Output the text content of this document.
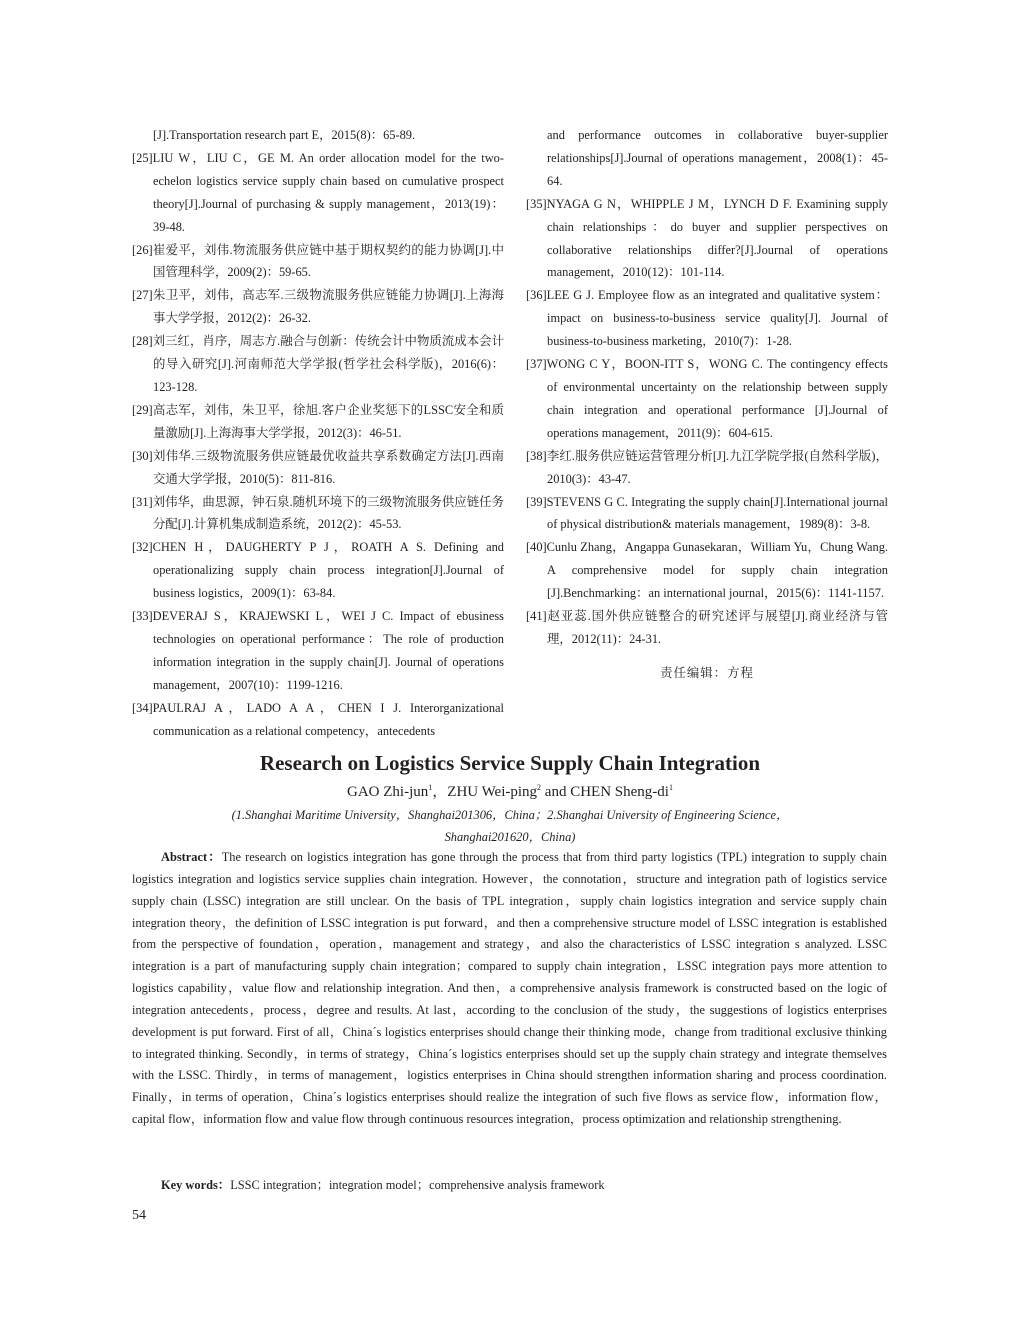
[J].Transportation research part E，2015(8)：65-89.
[25]LIU W，LIU C，GE M. An order allocation model for the two-echelon logistics service supply chain based on cumulative prospect theory[J].Journal of purchasing & supply management，2013(19)：39-48.
[26]崔爱平，刘伟.物流服务供应链中基于期权契约的能力协调[J].中国管理科学，2009(2)：59-65.
[27]朱卫平，刘伟，高志军.三级物流服务供应链能力协调[J].上海海事大学学报，2012(2)：26-32.
[28]刘三红，肖序，周志方.融合与创新：传统会计中物质流成本会计的导入研究[J].河南师范大学学报(哲学社会科学版)，2016(6)：123-128.
[29]高志军，刘伟，朱卫平，徐旭.客户企业奖惩下的LSSC安全和质量激励[J].上海海事大学学报，2012(3)：46-51.
[30]刘伟华.三级物流服务供应链最优收益共享系数确定方法[J].西南交通大学学报，2010(5)：811-816.
[31]刘伟华，曲思源，钟石泉.随机环境下的三级物流服务供应链任务分配[J].计算机集成制造系统，2012(2)：45-53.
[32]CHEN H，DAUGHERTY P J，ROATH A S. Defining and operationalizing supply chain process integration[J].Journal of business logistics，2009(1)：63-84.
[33]DEVERAJ S，KRAJEWSKI L，WEI J C. Impact of ebusiness technologies on operational performance：The role of production information integration in the supply chain[J]. Journal of operations management，2007(10)：1199-1216.
[34]PAULRAJ A，LADO A A，CHEN I J. Interorganizational communication as a relational competency，antecedents
and performance outcomes in collaborative buyer-supplier relationships[J].Journal of operations management，2008(1)：45-64.
[35]NYAGA G N，WHIPPLE J M，LYNCH D F. Examining supply chain relationships：do buyer and supplier perspectives on collaborative relationships differ?[J].Journal of operations management，2010(12)：101-114.
[36]LEE G J. Employee flow as an integrated and qualitative system：impact on business-to-business service quality[J]. Journal of business-to-business marketing，2010(7)：1-28.
[37]WONG C Y，BOON-ITT S，WONG C. The contingency effects of environmental uncertainty on the relationship between supply chain integration and operational performance [J].Journal of operations management，2011(9)：604-615.
[38]李红.服务供应链运营管理分析[J].九江学院学报(自然科学版)，2010(3)：43-47.
[39]STEVENS G C. Integrating the supply chain[J].International journal of physical distribution& materials management，1989(8)：3-8.
[40]Cunlu Zhang，Angappa Gunasekaran，William Yu，Chung Wang. A comprehensive model for supply chain integration [J].Benchmarking：an international journal，2015(6)：1141-1157.
[41]赵亚蕊.国外供应链整合的研究述评与展望[J].商业经济与管理，2012(11)：24-31.
责任编辑：方程
Research on Logistics Service Supply Chain Integration
GAO Zhi-jun$^1$，ZHU Wei-ping$^2$ and CHEN Sheng-$di^1$
(1.Shanghai Maritime University，Shanghai201306，China；2.Shanghai University of Engineering Science，
Shanghai201620，China)

Abstract：The research on logistics integration has gone through the process that from third party logistics (TPL) integration to supply chain logistics integration and logistics service supplies chain integration. However，the connotation，structure and integration path of logistics service supply chain (LSSC) integration are still unclear. On the basis of TPL integration，supply chain logistics integration and service supply chain integration theory，the definition of LSSC integration is put forward，and then a comprehensive structure model of LSSC integration is established from the perspective of foundation，operation，management and strategy，and also the characteristics of LSSC integration s analyzed. LSSC integration is a part of manufacturing supply chain integration；compared to supply chain integration，LSSC integration pays more attention to logistics capability，value flow and relationship integration. And then，a comprehensive analysis framework is constructed based on the logic of integration antecedents，process，degree and results. At last，according to the conclusion of the study，the suggestions of logistics enterprises development is put forward. First of all，China´s logistics enterprises should change their thinking mode，change from traditional exclusive thinking to integrated thinking. Secondly，in terms of strategy，China´s logistics enterprises should set up the supply chain strategy and integrate themselves with the LSSC. Thirdly，in terms of management，logistics enterprises in China should strengthen information sharing and process coordination. Finally，in terms of operation，China´s logistics enterprises should realize the integration of such five flows as service flow，information flow，capital flow，information flow and value flow through continuous resources integration，process optimization and relationship strengthening.

Key words：LSSC integration；integration model；comprehensive analysis framework

54
